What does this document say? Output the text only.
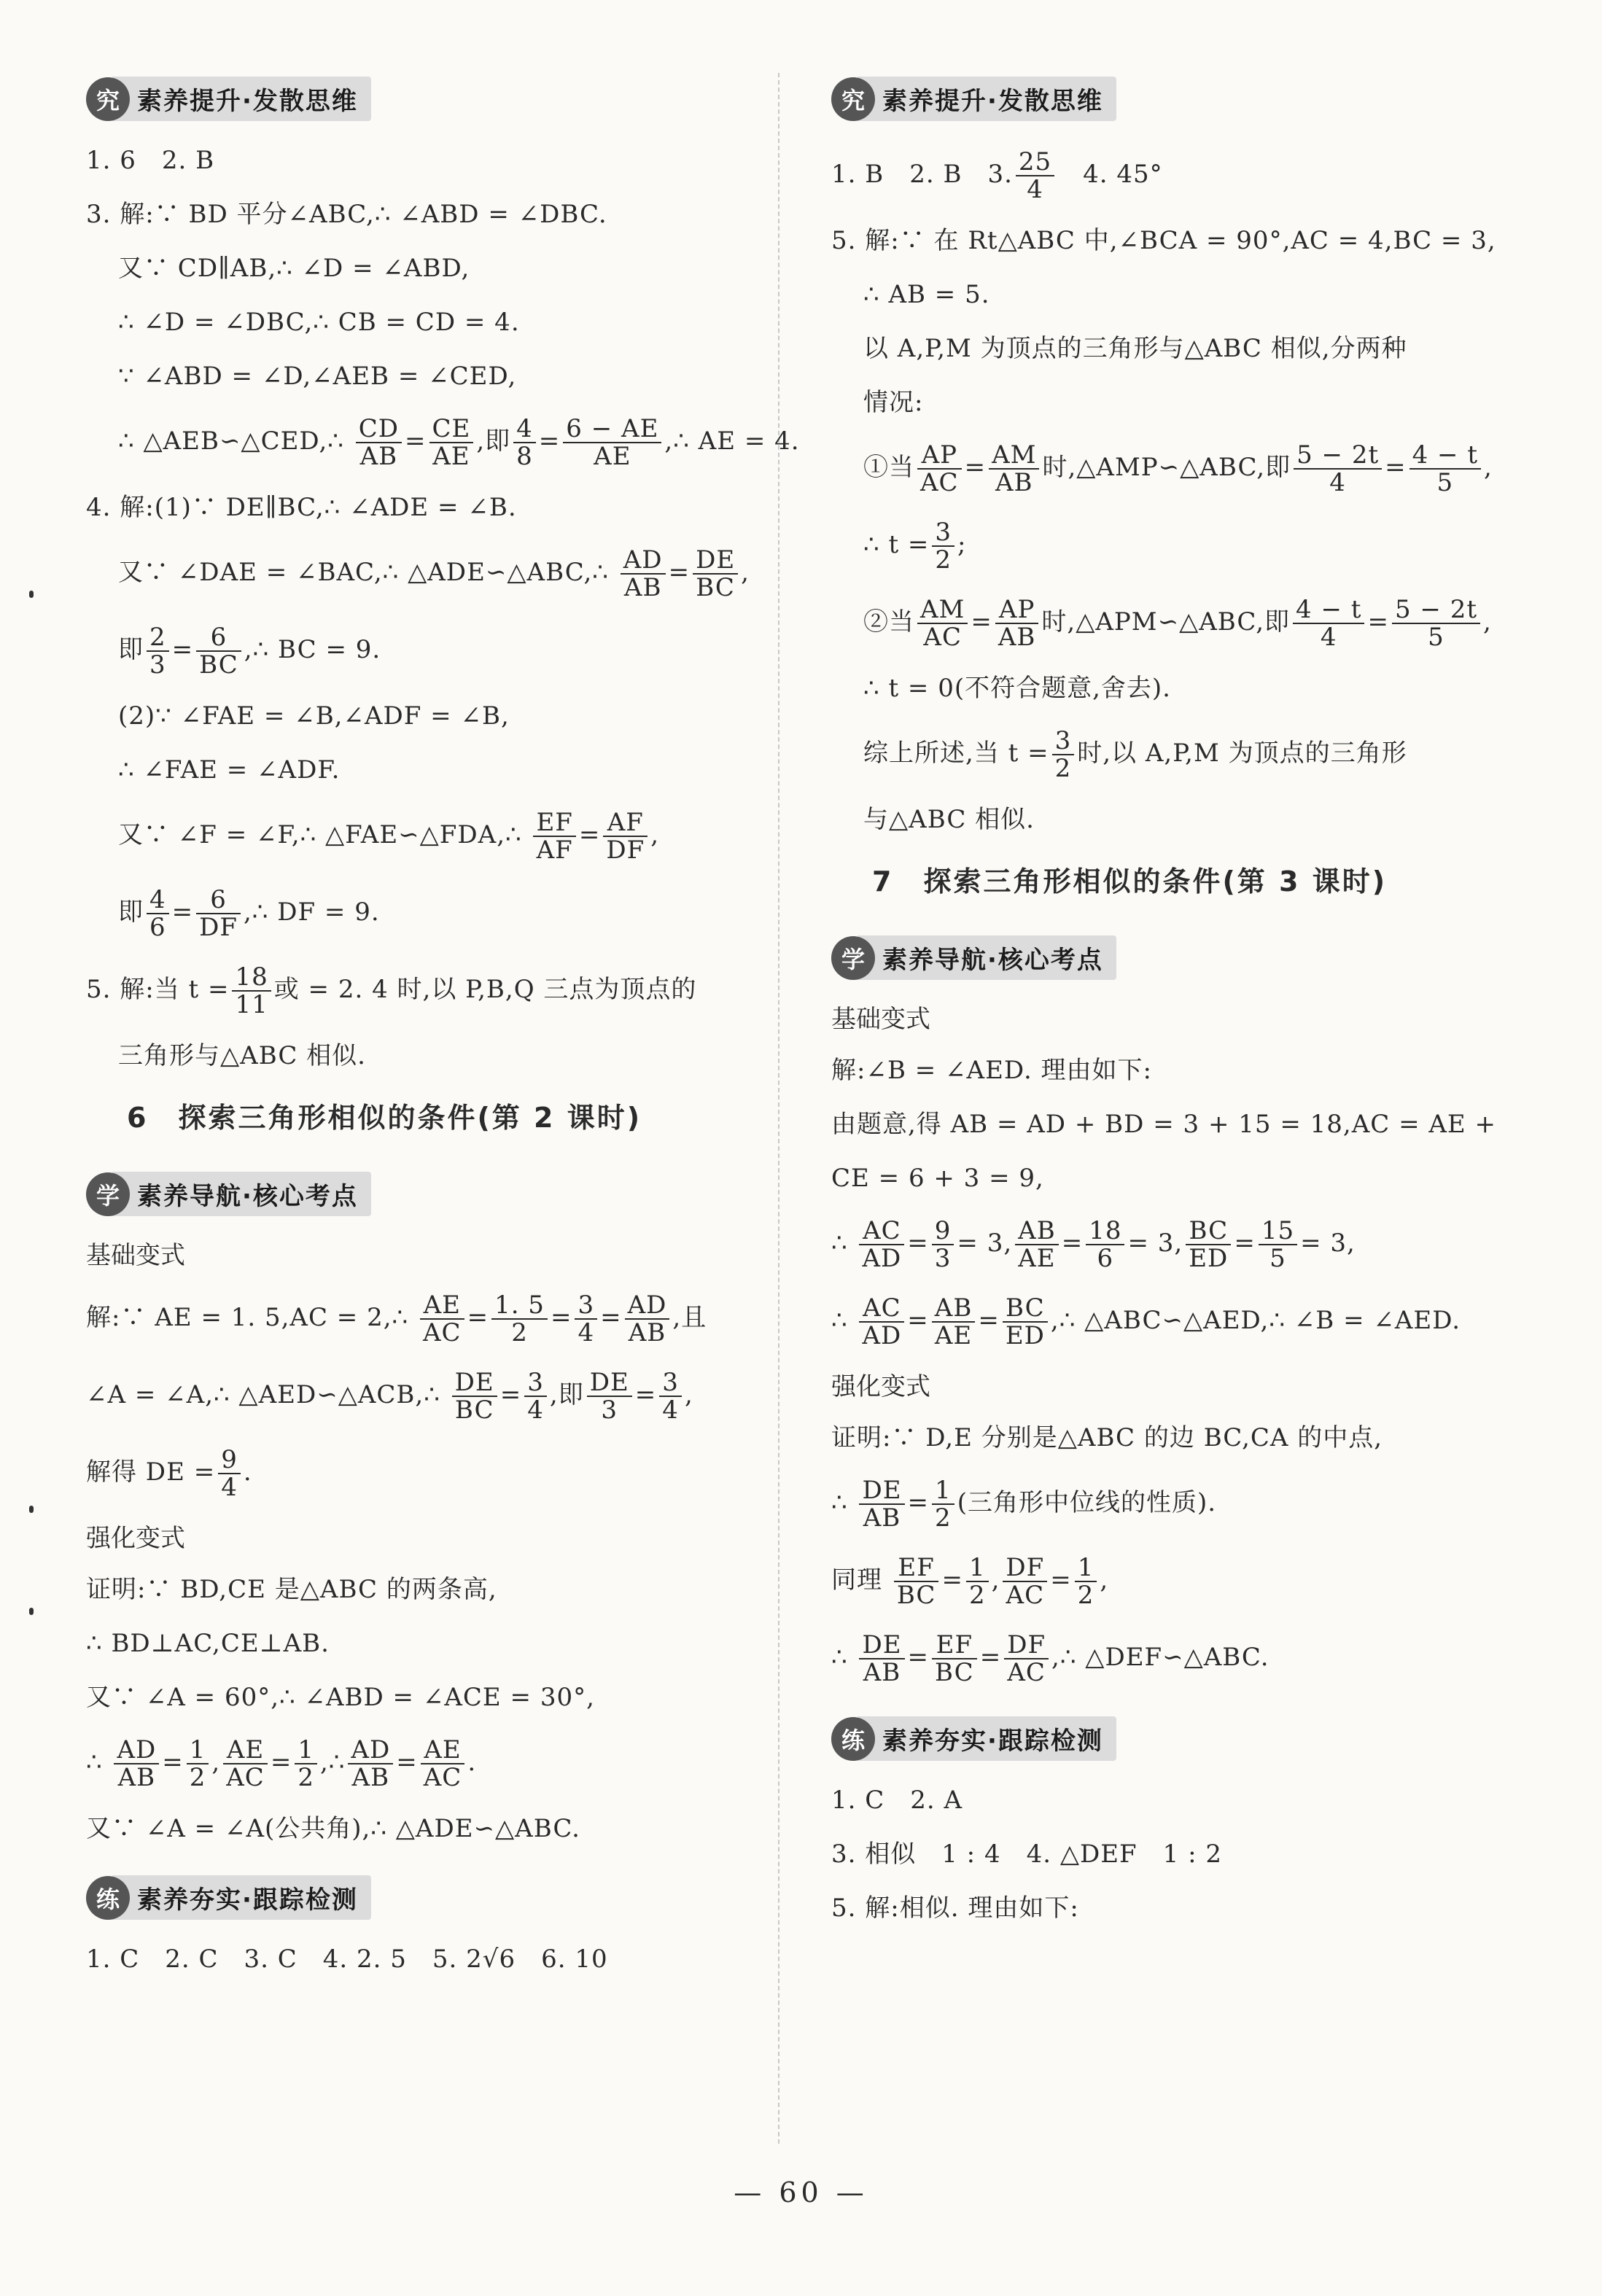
究 素养提升·发散思维
1. 6　2. B
3. 解:∵ BD 平分∠ABC,∴ ∠ABD = ∠DBC.
又∵ CD∥AB,∴ ∠D = ∠ABD,
∴ ∠D = ∠DBC,∴ CB = CD = 4.
∵ ∠ABD = ∠D,∠AEB = ∠CED,
∴ △AEB∽△CED,∴ $\frac{CD}{AB} = \frac{CE}{AE}$ ,即 $\frac{4}{8} = \frac{6 - AE}{AE}$ ,∴ AE = 4.
4. 解:(1)∵ DE∥BC,∴ ∠ADE = ∠B.
又∵ ∠DAE = ∠BAC,∴ △ADE∽△ABC,∴ $\frac{AD}{AB} = \frac{DE}{BC}$ ,
即 $\frac{2}{3} = \frac{6}{BC}$ ,∴ BC = 9.
(2)∵ ∠FAE = ∠B,∠ADF = ∠B,
∴ ∠FAE = ∠ADF.
又∵ ∠F = ∠F,∴ △FAE∽△FDA,∴ $\frac{EF}{AF} = \frac{AF}{DF}$ ,
即 $\frac{4}{6} = \frac{6}{DF}$ ,∴ DF = 9.
5. 解:当 $t = \frac{18}{11}$ 或 = 2. 4 时,以 P,B,Q 三点为顶点的
三角形与△ABC 相似.
6　探索三角形相似的条件(第 2 课时)
学 素养导航·核心考点
基础变式
解:∵ AE = 1. 5,AC = 2,∴ $\frac{AE}{AC} = \frac{1. 5}{2} = \frac{3}{4} = \frac{AD}{AB}$ ,且
∠A = ∠A,∴ △AED∽△ACB,∴ $\frac{DE}{BC} = \frac{3}{4}$ ,即 $\frac{DE}{3} = \frac{3}{4}$ ,
解得 DE = $\frac{9}{4}$ .
强化变式
证明:∵ BD,CE 是△ABC 的两条高,
∴ BD⊥AC,CE⊥AB.
又∵ ∠A = 60°,∴ ∠ABD = ∠ACE = 30°,
∴ $\frac{AD}{AB} = \frac{1}{2}$ , $\frac{AE}{AC} = \frac{1}{2}$ ,∴ $\frac{AD}{AB} = \frac{AE}{AC}$ .
又∵ ∠A = ∠A(公共角),∴ △ADE∽△ABC.
练 素养夯实·跟踪检测
1. C　2. C　3. C　4. 2. 5　5. 2√6　6. 10
究 素养提升·发散思维
1. B　2. B　3. $\frac{25}{4}$ 　4. 45°
5. 解:∵ 在 Rt△ABC 中,∠BCA = 90°,AC = 4,BC = 3,
∴ AB = 5.
以 A,P,M 为顶点的三角形与△ABC 相似,分两种
情况:
①当 $\frac{AP}{AC} = \frac{AM}{AB}$ 时,△AMP∽△ABC,即 $\frac{5 - 2t}{4} = \frac{4 - t}{5}$ ,
∴ $t = \frac{3}{2}$ ;
②当 $\frac{AM}{AC} = \frac{AP}{AB}$ 时,△APM∽△ABC,即 $\frac{4 - t}{4} = \frac{5 - 2t}{5}$ ,
∴ t = 0(不符合题意,舍去).
综上所述,当 $t = \frac{3}{2}$ 时,以 A,P,M 为顶点的三角形
与△ABC 相似.
7　探索三角形相似的条件(第 3 课时)
学 素养导航·核心考点
基础变式
解:∠B = ∠AED. 理由如下:
由题意,得 AB = AD + BD = 3 + 15 = 18,AC = AE +
CE = 6 + 3 = 9,
∴ $\frac{AC}{AD} = \frac{9}{3} = 3$, $\frac{AB}{AE} = \frac{18}{6} = 3$, $\frac{BC}{ED} = \frac{15}{5} = 3$,
∴ $\frac{AC}{AD} = \frac{AB}{AE} = \frac{BC}{ED}$ ,∴ △ABC∽△AED,∴ ∠B = ∠AED.
强化变式
证明:∵ D,E 分别是△ABC 的边 BC,CA 的中点,
∴ $\frac{DE}{AB} = \frac{1}{2}$ (三角形中位线的性质).
同理 $\frac{EF}{BC} = \frac{1}{2}$ , $\frac{DF}{AC} = \frac{1}{2}$ ,
∴ $\frac{DE}{AB} = \frac{EF}{BC} = \frac{DF}{AC}$ ,∴ △DEF∽△ABC.
练 素养夯实·跟踪检测
1. C　2. A
3. 相似　1 : 4　4. △DEF　1 : 2
5. 解:相似. 理由如下:
— 60 —
